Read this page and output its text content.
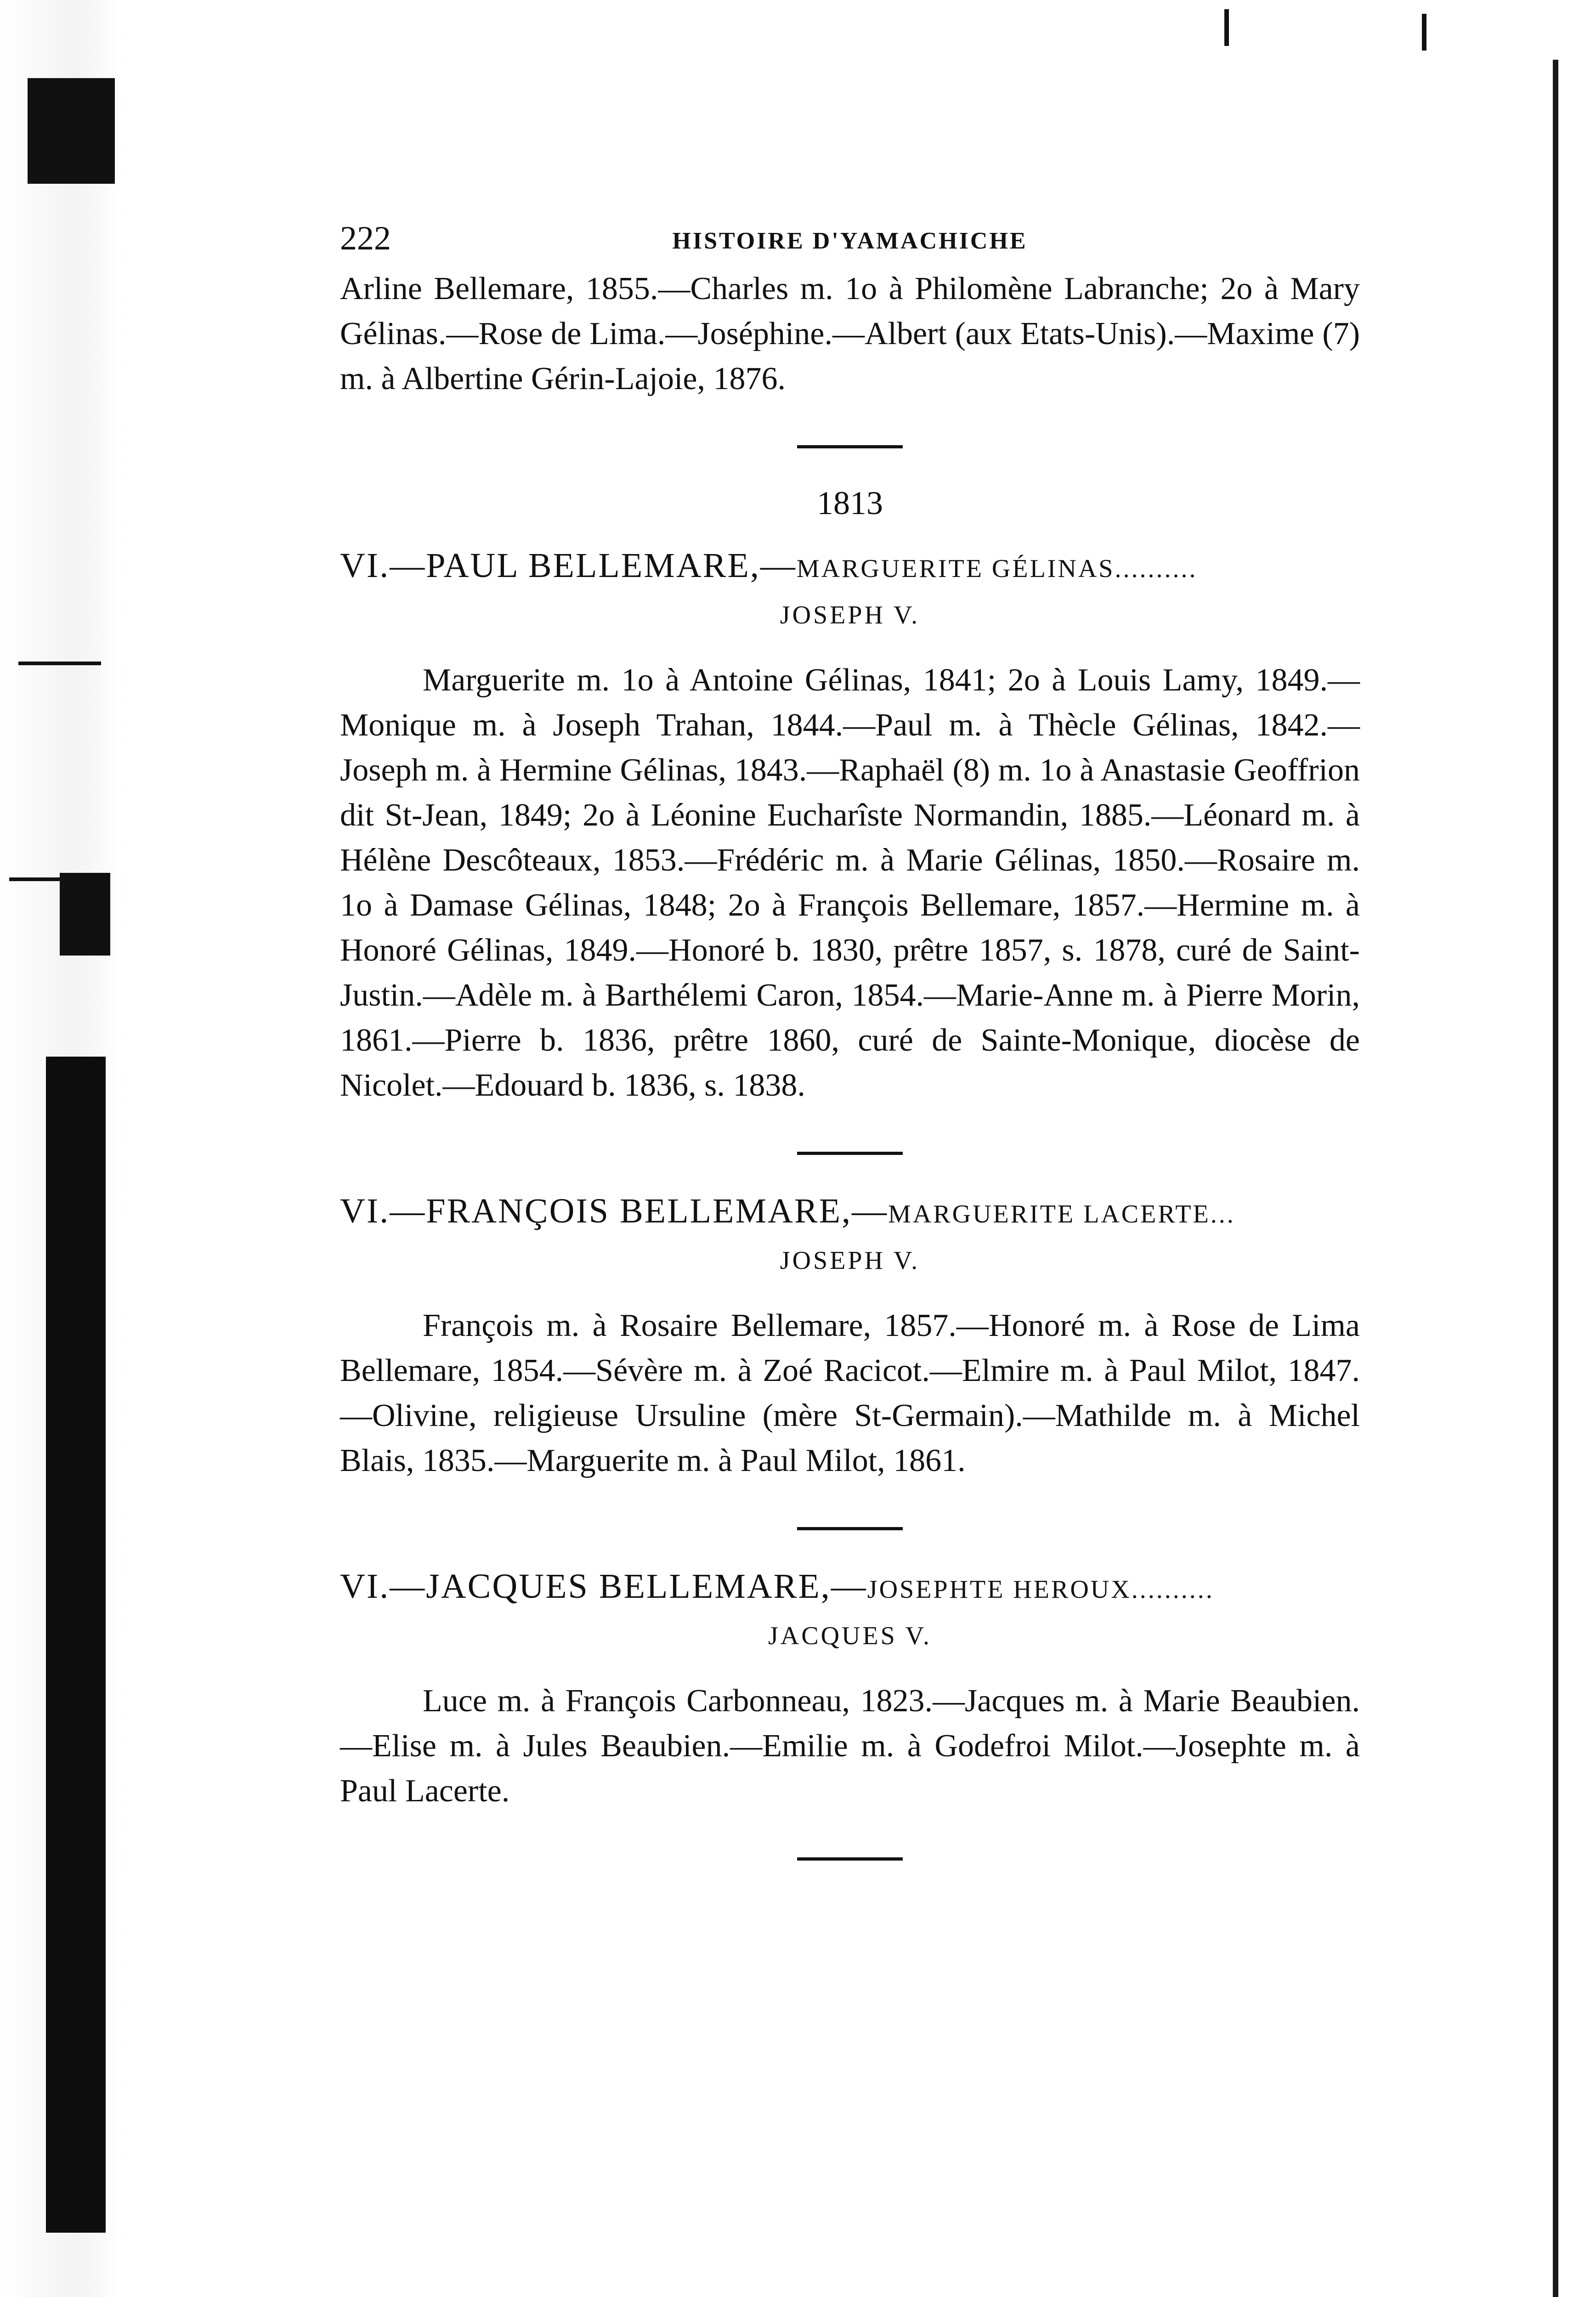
222	HISTOIRE D'YAMACHICHE

Arline Bellemare, 1855.—Charles m. 1o à Philomène Labranche; 2o à Mary Gélinas.—Rose de Lima.—Joséphine.—Albert (aux Etats-Unis).—Maxime (7) m. à Albertine Gérin-Lajoie, 1876.

1813

VI.—PAUL BELLEMARE,—MARGUERITE GÉLINAS..........

JOSEPH V.

Marguerite m. 1o à Antoine Gélinas, 1841; 2o à Louis Lamy, 1849.—Monique m. à Joseph Trahan, 1844.—Paul m. à Thècle Gélinas, 1842.—Joseph m. à Hermine Gélinas, 1843.—Raphaël (8) m. 1o à Anastasie Geoffrion dit St-Jean, 1849; 2o à Léonine Eucharîste Normandin, 1885.—Léonard m. à Hélène Descôteaux, 1853.—Frédéric m. à Marie Gélinas, 1850.—Rosaire m. 1o à Damase Gélinas, 1848; 2o à François Bellemare, 1857.—Hermine m. à Honoré Gélinas, 1849.—Honoré b. 1830, prêtre 1857, s. 1878, curé de Saint-Justin.—Adèle m. à Barthélemi Caron, 1854.—Marie-Anne m. à Pierre Morin, 1861.—Pierre b. 1836, prêtre 1860, curé de Sainte-Monique, diocèse de Nicolet.—Edouard b. 1836, s. 1838.

VI.—FRANÇOIS BELLEMARE,—MARGUERITE LACERTE...

JOSEPH V.

François m. à Rosaire Bellemare, 1857.—Honoré m. à Rose de Lima Bellemare, 1854.—Sévère m. à Zoé Racicot.—Elmire m. à Paul Milot, 1847.—Olivine, religieuse Ursuline (mère St-Germain).—Mathilde m. à Michel Blais, 1835.—Marguerite m. à Paul Milot, 1861.

VI.—JACQUES BELLEMARE,—JOSEPHTE HEROUX..........

JACQUES V.

Luce m. à François Carbonneau, 1823.—Jacques m. à Marie Beaubien.—Elise m. à Jules Beaubien.—Emilie m. à Godefroi Milot.—Josephte m. à Paul Lacerte.
